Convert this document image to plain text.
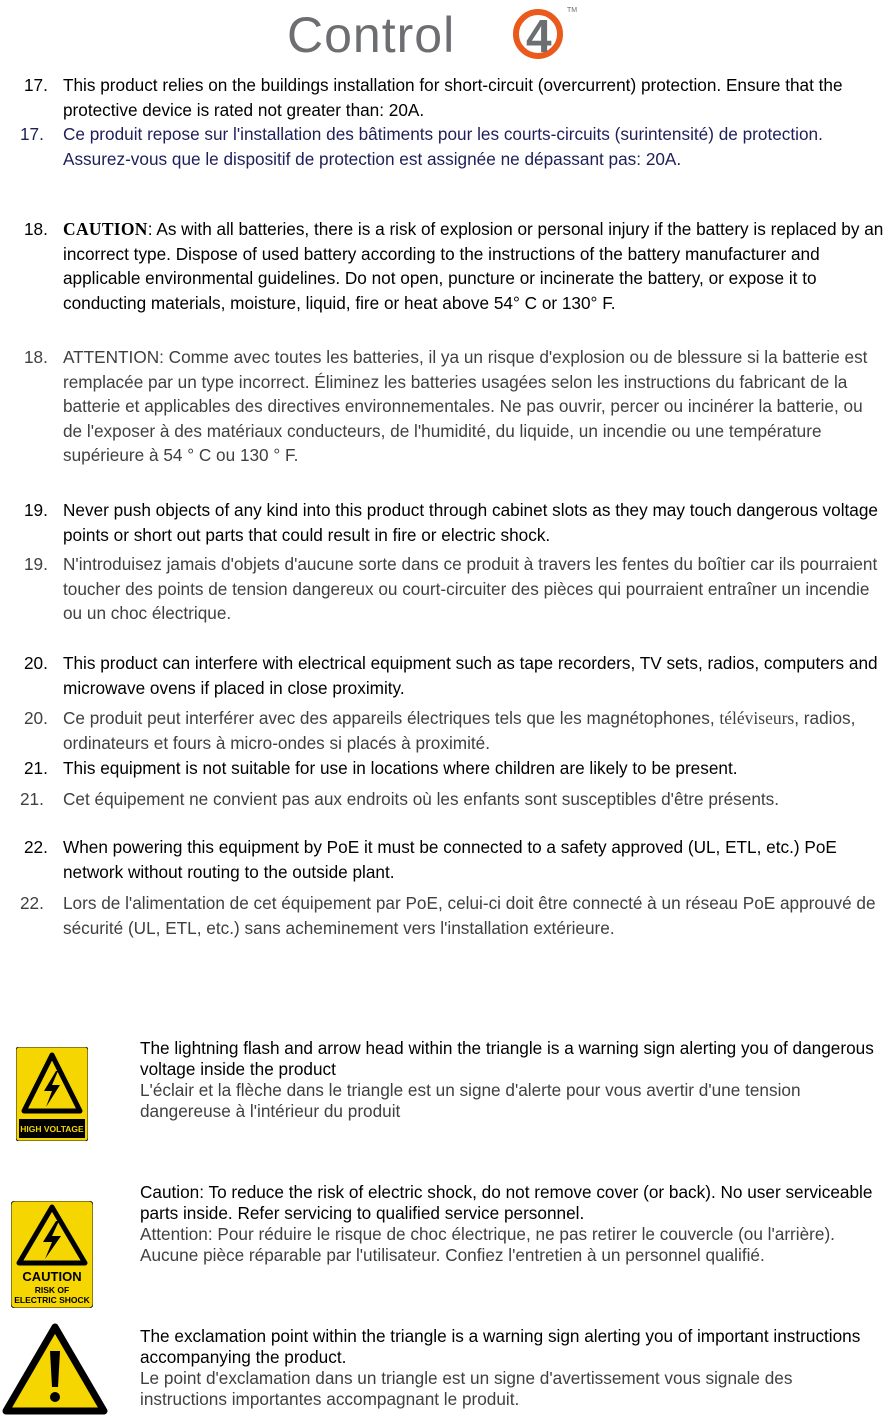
Control 4 TM
17. This product relies on the buildings installation for short-circuit (overcurrent) protection. Ensure that the protective device is rated not greater than: 20A.
17. Ce produit repose sur l'installation des bâtiments pour les courts-circuits (surintensité) de protection. Assurez-vous que le dispositif de protection est assignée ne dépassant pas: 20A.
18. CAUTION: As with all batteries, there is a risk of explosion or personal injury if the battery is replaced by an incorrect type. Dispose of used battery according to the instructions of the battery manufacturer and applicable environmental guidelines. Do not open, puncture or incinerate the battery, or expose it to conducting materials, moisture, liquid, fire or heat above 54° C or 130° F.
18. ATTENTION: Comme avec toutes les batteries, il ya un risque d'explosion ou de blessure si la batterie est remplacée par un type incorrect. Éliminez les batteries usagées selon les instructions du fabricant de la batterie et applicables des directives environnementales. Ne pas ouvrir, percer ou incinérer la batterie, ou de l'exposer à des matériaux conducteurs, de l'humidité, du liquide, un incendie ou une température supérieure à 54 ° C ou 130 ° F.
19. Never push objects of any kind into this product through cabinet slots as they may touch dangerous voltage points or short out parts that could result in fire or electric shock.
19. N'introduisez jamais d'objets d'aucune sorte dans ce produit à travers les fentes du boîtier car ils pourraient toucher des points de tension dangereux ou court-circuiter des pièces qui pourraient entraîner un incendie ou un choc électrique.
20. This product can interfere with electrical equipment such as tape recorders, TV sets, radios, computers and microwave ovens if placed in close proximity.
20. Ce produit peut interférer avec des appareils électriques tels que les magnétophones, téléviseurs, radios, ordinateurs et fours à micro-ondes si placés à proximité.
21. This equipment is not suitable for use in locations where children are likely to be present.
21. Cet équipement ne convient pas aux endroits où les enfants sont susceptibles d'être présents.
22. When powering this equipment by PoE it must be connected to a safety approved (UL, ETL, etc.) PoE network without routing to the outside plant.
22. Lors de l'alimentation de cet équipement par PoE, celui-ci doit être connecté à un réseau PoE approuvé de sécurité (UL, ETL, etc.) sans acheminement vers l'installation extérieure.
HIGH VOLTAGE
The lightning flash and arrow head within the triangle is a warning sign alerting you of dangerous voltage inside the product
L'éclair et la flèche dans le triangle est un signe d'alerte pour vous avertir d'une tension dangereuse à l'intérieur du produit
CAUTION
RISK OF
ELECTRIC SHOCK
Caution: To reduce the risk of electric shock, do not remove cover (or back). No user serviceable parts inside. Refer servicing to qualified service personnel.
Attention: Pour réduire le risque de choc électrique, ne pas retirer le couvercle (ou l'arrière). Aucune pièce réparable par l'utilisateur. Confiez l'entretien à un personnel qualifié.
The exclamation point within the triangle is a warning sign alerting you of important instructions accompanying the product.
Le point d'exclamation dans un triangle est un signe d'avertissement vous signale des instructions importantes accompagnant le produit.
